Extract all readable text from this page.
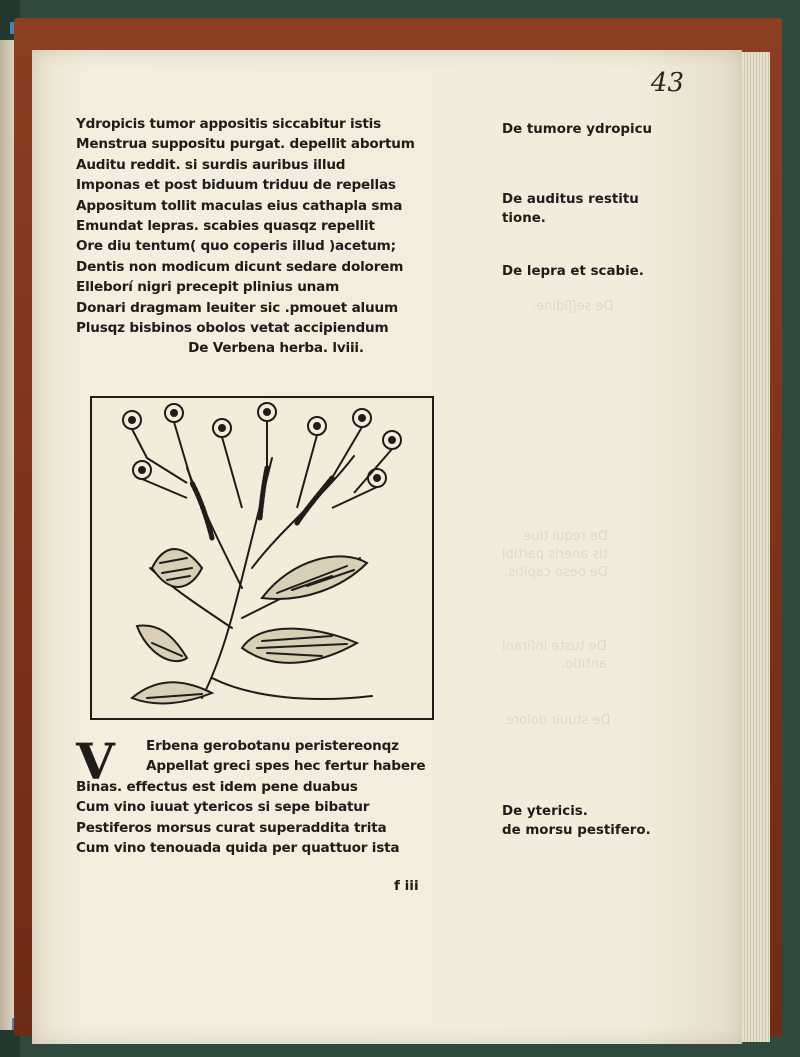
De seʃʃidine.
De requi tiue
tis aneris partibl
De oeso capitis.
De tuste inſirani
antitio.
De stuuir dolore.
43
Ydropicis tumor appositis siccabitur istis
Menstrua suppositu purgat. depellit abortum
Auditu reddit. si surdis auribus illud
Imponas et post biduum triduu de repellas
Appositum tollit maculas eius cathapla sma
Emundat lepras. scabies quasqz repellit
Ore diu tentum( quo coperis illud )acetum;
Dentis non modicum dicunt sedare dolorem
Elleborí nigri precepit plinius unam
Donari dragmam leuiter sic .pmouet aluum
Plusqz bisbinos obolos vetat accipiendum
De Verbena herba. lviii.
De tumore ydropicu
De auditus restitu
tione.
De lepra et scabie.
De ytericis.
de morsu pestifero.
V	Erbena gerobotanu peristereonqz
Appellat greci spes hec fertur habere
Binas. effectus est idem pene duabus
Cum vino iuuat ytericos si sepe bibatur
Pestiferos morsus curat superaddita trita
Cum vino tenouada quida per quattuor ista
f iii
